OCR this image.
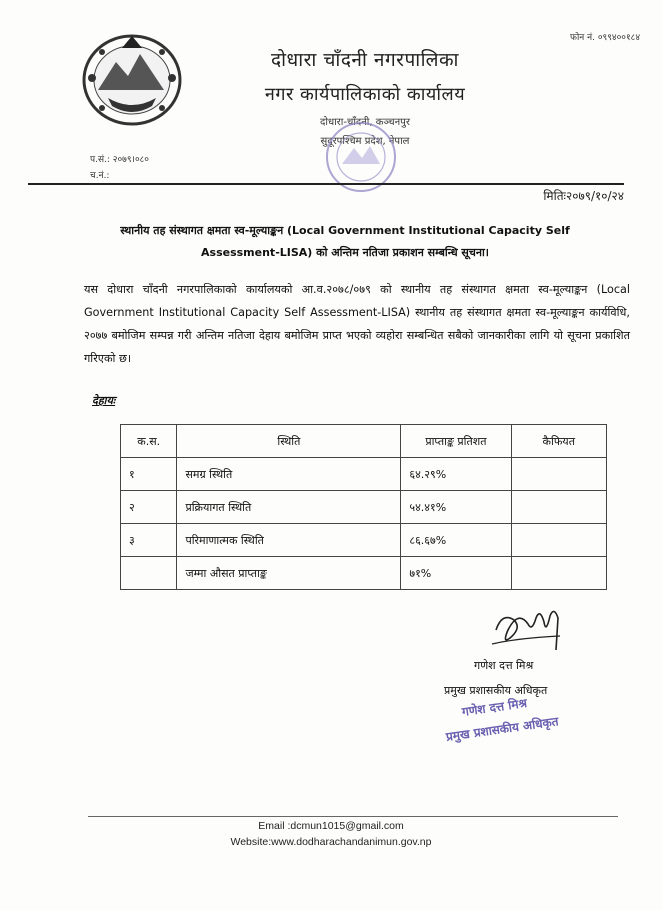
फोन नं. ०९९४००१८४
दोधारा चाँदनी नगरपालिका
नगर कार्यपालिकाको कार्यालय
दोधारा-चाँदनी, कञ्चनपुर
सुदूरपश्चिम प्रदेश, नेपाल
प.सं.: २०७९।०८०
च.नं.:
मितिः२०७९/१०/२४
स्थानीय तह संस्थागत क्षमता स्व-मूल्याङ्कन (Local Government Institutional Capacity Self Assessment-LISA) को अन्तिम नतिजा प्रकाशन सम्बन्धि सूचना।
यस दोधारा चाँदनी नगरपालिकाको कार्यालयको आ.व.२०७८/०७९ को स्थानीय तह संस्थागत क्षमता स्व-मूल्याङ्कन (Local Government Institutional Capacity Self Assessment-LISA) स्थानीय तह संस्थागत क्षमता स्व-मूल्याङ्कन कार्यविधि, २०७७ बमोजिम सम्पन्न गरी अन्तिम नतिजा देहाय बमोजिम प्राप्त भएको व्यहोरा सम्बन्धित सबैको जानकारीका लागि यो सूचना प्रकाशित गरिएको छ।
देहायः
क.स.	स्थिति	प्राप्ताङ्क प्रतिशत	कैफियत
१	समग्र स्थिति	६४.२९%	
२	प्रक्रियागत स्थिति	५४.४१%	
३	परिमाणात्मक स्थिति	८६.६७%	
	जम्मा औसत प्राप्ताङ्क	७१%	
गणेश दत्त मिश्र
प्रमुख प्रशासकीय अधिकृत
गणेश दत्त मिश्र
प्रमुख प्रशासकीय अधिकृत
Email :dcmun1015@gmail.com
Website:www.dodharachandanimun.gov.np
